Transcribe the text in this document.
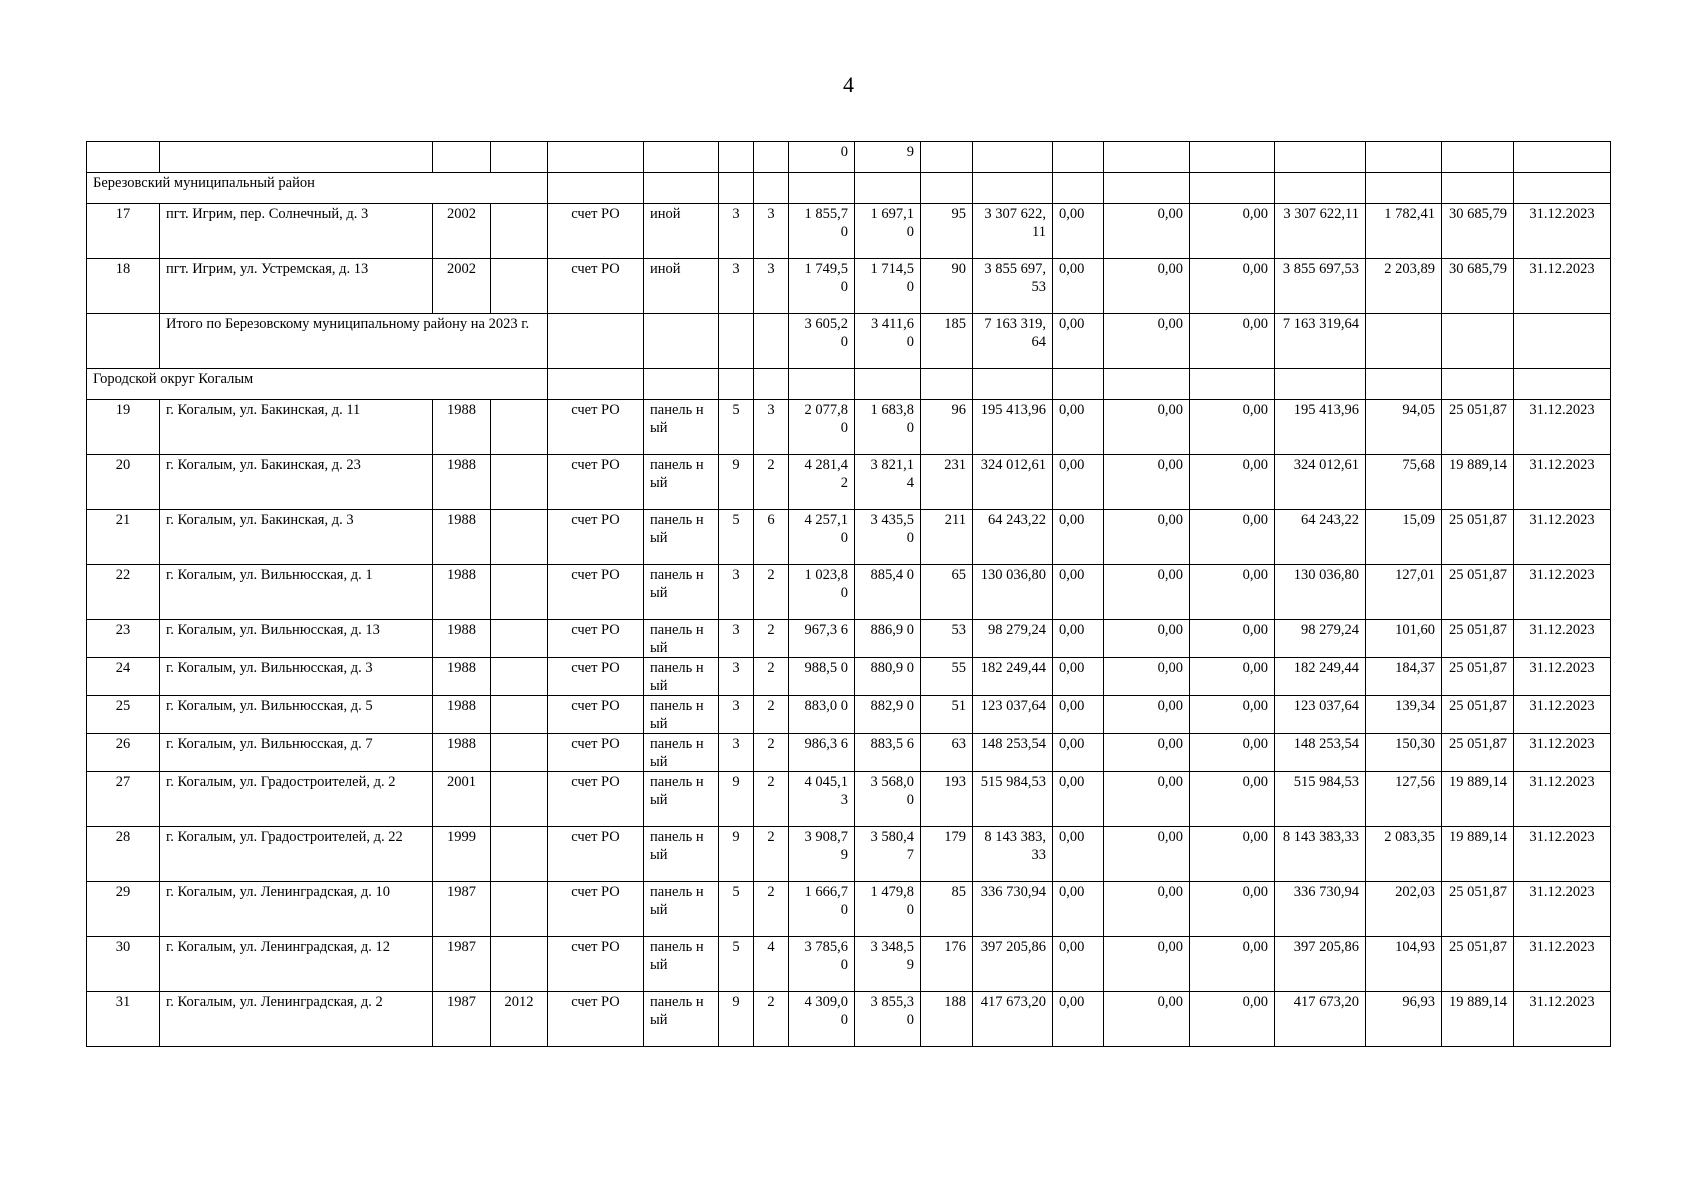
4
								0	9									
Березовский муниципальный район																		
17	пгт. Игрим, пер. Солнечный, д. 3	2002		счет РО	иной	3	3	1 855,7 0	1 697,1 0	95	3 307 622,11	0,00	0,00	0,00	3 307 622,11	1 782,41	30 685,79	31.12.2023
18	пгт. Игрим, ул. Устремская, д. 13	2002		счет РО	иной	3	3	1 749,5 0	1 714,5 0	90	3 855 697,53	0,00	0,00	0,00	3 855 697,53	2 203,89	30 685,79	31.12.2023
	Итого по Березовскому муниципальному району на 2023 г.							3 605,2 0	3 411,6 0	185	7 163 319,64	0,00	0,00	0,00	7 163 319,64			
Городской округ Когалым																		
19	г. Когалым, ул. Бакинская, д. 11	1988		счет РО	панель ный	5	3	2 077,8 0	1 683,8 0	96	195 413,96	0,00	0,00	0,00	195 413,96	94,05	25 051,87	31.12.2023
20	г. Когалым, ул. Бакинская, д. 23	1988		счет РО	панель ный	9	2	4 281,4 2	3 821,1 4	231	324 012,61	0,00	0,00	0,00	324 012,61	75,68	19 889,14	31.12.2023
21	г. Когалым, ул. Бакинская, д. 3	1988		счет РО	панель ный	5	6	4 257,1 0	3 435,5 0	211	64 243,22	0,00	0,00	0,00	64 243,22	15,09	25 051,87	31.12.2023
22	г. Когалым, ул. Вильнюсская, д. 1	1988		счет РО	панель ный	3	2	1 023,8 0	885,4 0	65	130 036,80	0,00	0,00	0,00	130 036,80	127,01	25 051,87	31.12.2023
23	г. Когалым, ул. Вильнюсская, д. 13	1988		счет РО	панель ный	3	2	967,3 6	886,9 0	53	98 279,24	0,00	0,00	0,00	98 279,24	101,60	25 051,87	31.12.2023
24	г. Когалым, ул. Вильнюсская, д. 3	1988		счет РО	панель ный	3	2	988,5 0	880,9 0	55	182 249,44	0,00	0,00	0,00	182 249,44	184,37	25 051,87	31.12.2023
25	г. Когалым, ул. Вильнюсская, д. 5	1988		счет РО	панель ный	3	2	883,0 0	882,9 0	51	123 037,64	0,00	0,00	0,00	123 037,64	139,34	25 051,87	31.12.2023
26	г. Когалым, ул. Вильнюсская, д. 7	1988		счет РО	панель ный	3	2	986,3 6	883,5 6	63	148 253,54	0,00	0,00	0,00	148 253,54	150,30	25 051,87	31.12.2023
27	г. Когалым, ул. Градостроителей, д. 2	2001		счет РО	панель ный	9	2	4 045,1 3	3 568,0 0	193	515 984,53	0,00	0,00	0,00	515 984,53	127,56	19 889,14	31.12.2023
28	г. Когалым, ул. Градостроителей, д. 22	1999		счет РО	панель ный	9	2	3 908,7 9	3 580,4 7	179	8 143 383,33	0,00	0,00	0,00	8 143 383,33	2 083,35	19 889,14	31.12.2023
29	г. Когалым, ул. Ленинградская, д. 10	1987		счет РО	панель ный	5	2	1 666,7 0	1 479,8 0	85	336 730,94	0,00	0,00	0,00	336 730,94	202,03	25 051,87	31.12.2023
30	г. Когалым, ул. Ленинградская, д. 12	1987		счет РО	панель ный	5	4	3 785,6 0	3 348,5 9	176	397 205,86	0,00	0,00	0,00	397 205,86	104,93	25 051,87	31.12.2023
31	г. Когалым, ул. Ленинградская, д. 2	1987	2012	счет РО	панель ный	9	2	4 309,0 0	3 855,3 0	188	417 673,20	0,00	0,00	0,00	417 673,20	96,93	19 889,14	31.12.2023
